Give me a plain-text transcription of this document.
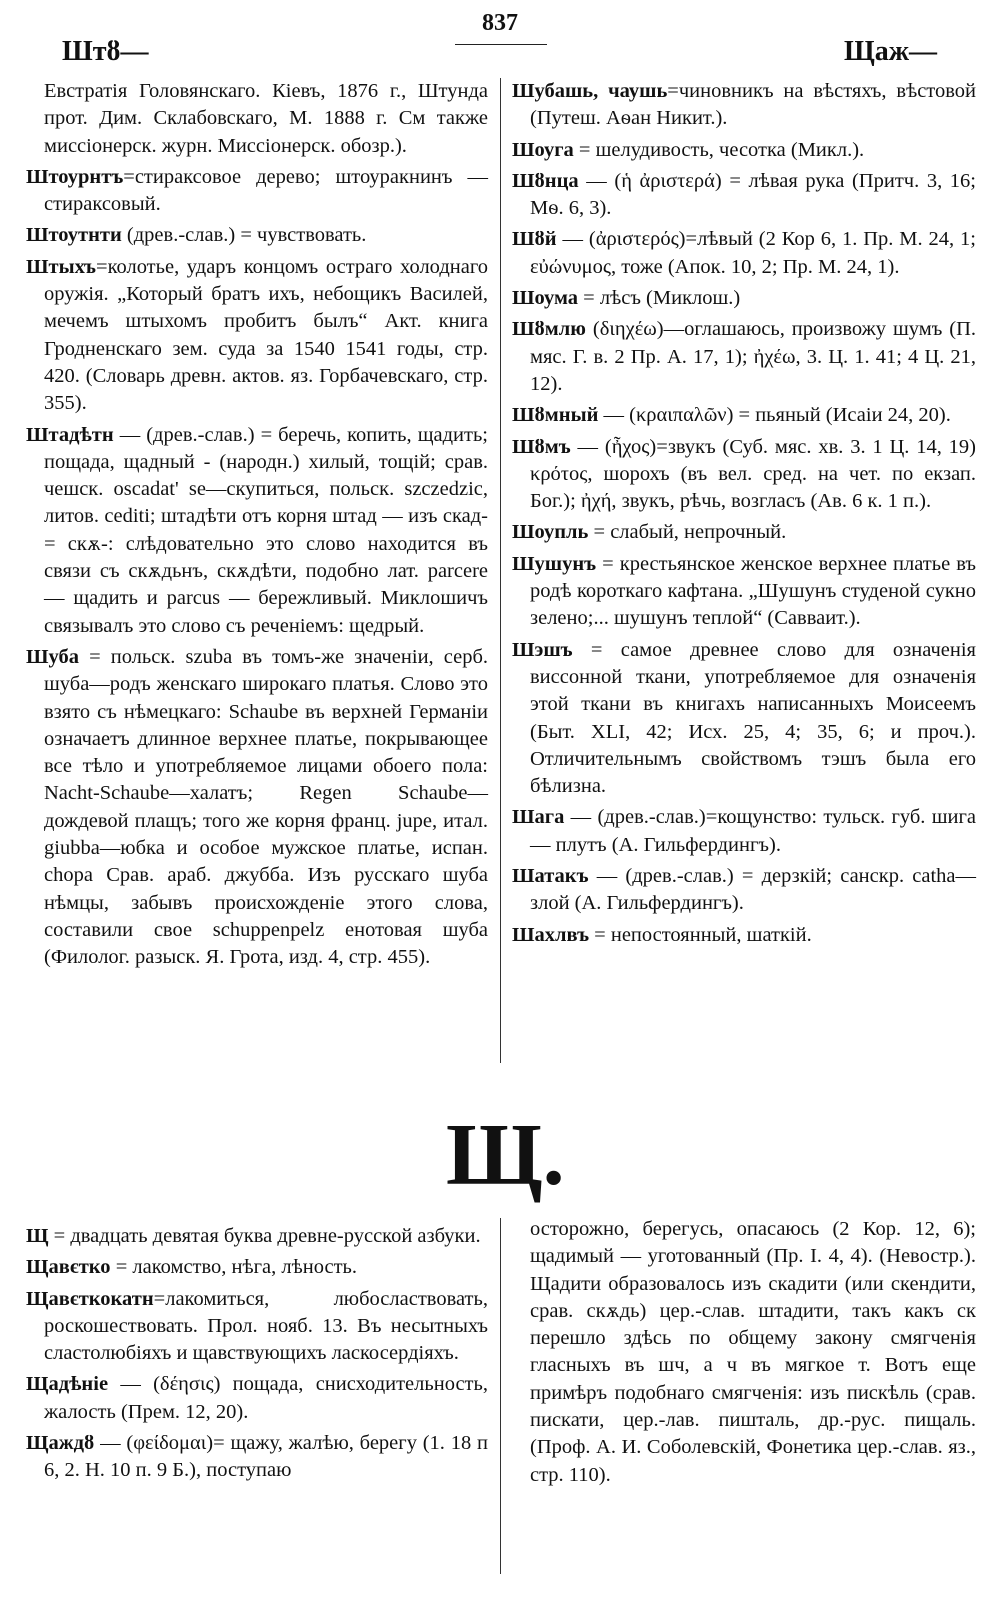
837
Штȣ—	Щаж—

Евстратія Головянскаго. Кіевъ, 1876 г., Штунда прот. Дим. Склабовскаго, М. 1888 г. См также миссіонерск. журн. Миссіонерск. обозр.).

Штоурнтъ=стираксовое дерево; штоуракнинъ — стираксовый.

Штоутнти (древ.-слав.) = чувствовать.

Штыхъ=колотье, ударъ концомъ остраго холоднаго оружія. „Который братъ ихъ, небощикъ Василей, мечемъ штыхомъ пробитъ былъ“ Акт. книга Гродненскаго зем. суда за 1540 1541 годы, стр. 420. (Словарь древн. актов. яз. Горбачевскаго, стр. 355).

Штадѣтн — (древ.-слав.) = беречь, копить, щадить; пощада, щадный - (народн.) хилый, тощій; срав. чешск. oscadat' se—скупиться, польск. szczedzic, литов. cediti; штадѣти отъ корня штад — изъ скад- = скѫ-: слѣдовательно это слово находится въ связи съ скѫдьнъ, скѫдѣти, подобно лат. parcere — щадить и parcus — бережливый. Миклошичъ связывалъ это слово съ реченіемъ: щедрый.

Шуба = польск. szuba въ томъ-же значеніи, серб. шуба—родъ женскаго широкаго платья. Слово это взято съ нѣмецкаго: Schaube въ верхней Германіи означаетъ длинное верхнее платье, покрывающее все тѣло и употребляемое лицами обоего пола: Nacht-Schaube—халатъ; Regen Schaube—дождевой плащъ; того же корня франц. jupe, итал. giubba—юбка и особое мужское платье, испан. chopa Срав. араб. джубба. Изъ русскаго шуба нѣмцы, забывъ происхожденіе этого слова, составили свое schuppenpelz енотовая шуба (Филолог. разыск. Я. Грота, изд. 4, стр. 455).

Шубашь, чаушь=чиновникъ на вѣстяхъ, вѣстовой (Путеш. Аѳан Никит.).

Шоуга = шелудивость, чесотка (Микл.).

Шȣнца — (ἡ ἀριστερά) = лѣвая рука (Притч. 3, 16; Мѳ. 6, 3).

Шȣй — (ἀριστερός)=лѣвый (2 Кор 6, 1. Пр. М. 24, 1; εὐώνυμος, тоже (Апок. 10, 2; Пр. М. 24, 1).

Шоума = лѣсъ (Миклош.)

Шȣмлю (διηχέω)—оглашаюсь, произвожу шумъ (П. мяс. Г. в. 2 Пр. А. 17, 1); ἠχέω, 3. Ц. 1. 41; 4 Ц. 21, 12).

Шȣмный — (κραιπαλῶν) = пьяный (Исаіи 24, 20).

Шȣмъ — (ἦχος)=звукъ (Суб. мяс. хв. 3. 1 Ц. 14, 19) κρότος, шорохъ (въ вел. сред. на чет. по екзап. Бог.); ἠχή, звукъ, рѣчь, возгласъ (Ав. 6 к. 1 п.).

Шоупль = слабый, непрочный.

Шушунъ = крестьянское женское верхнее платье въ родѣ короткаго кафтана. „Шушунъ студеной сукно зелено;... шушунъ теплой“ (Савваит.).

Шэшъ = самое древнее слово для означенія виссонной ткани, употребляемое для означенія этой ткани въ книгахъ написанныхъ Моисеемъ (Быт. XLI, 42; Исх. 25, 4; 35, 6; и проч.). Отличительнымъ свойствомъ тэшъ была его бѣлизна.

Шага — (древ.-слав.)=кощунство: тульск. губ. шига — плутъ (А. Гильфердингъ).

Шатакъ — (древ.-слав.) = дерзкій; санскр. catha—злой (А. Гильфердингъ).

Шахлвъ = непостоянный, шаткій.

Щ.

Щ = двадцать девятая буква древне-русской азбуки.

Щавєтко = лакомство, нѣга, лѣность.

Щавєткокатн=лакомиться, любосластвовать, роскошествовать. Прол. нояб. 13. Въ несытныхъ сластолюбіяхъ и щавствующихъ ласкосердіяхъ.

Щадѣніе — (δέησις) пощада, снисходительность, жалость (Прем. 12, 20).

Щаждȣ — (φείδομαι)= щажу, жалѣю, берегу (1. 18 п 6, 2. Н. 10 п. 9 Б.), поступаю

осторожно, берегусь, опасаюсь (2 Кор. 12, 6); щадимый — уготованный (Пр. I. 4, 4). (Невостр.). Щадити образовалось изъ скадити (или скендити, срав. скѫдь) цер.-слав. штадити, такъ какъ ск перешло здѣсь по общему закону смягченія гласныхъ въ шч, а ч въ мягкое т. Вотъ еще примѣръ подобнаго смягченія: изъ пискѣль (срав. пискати, цер.-лав. пишталь, др.-рус. пищаль. (Проф. А. И. Соболевскій, Фонетика цер.-слав. яз., стр. 110).
